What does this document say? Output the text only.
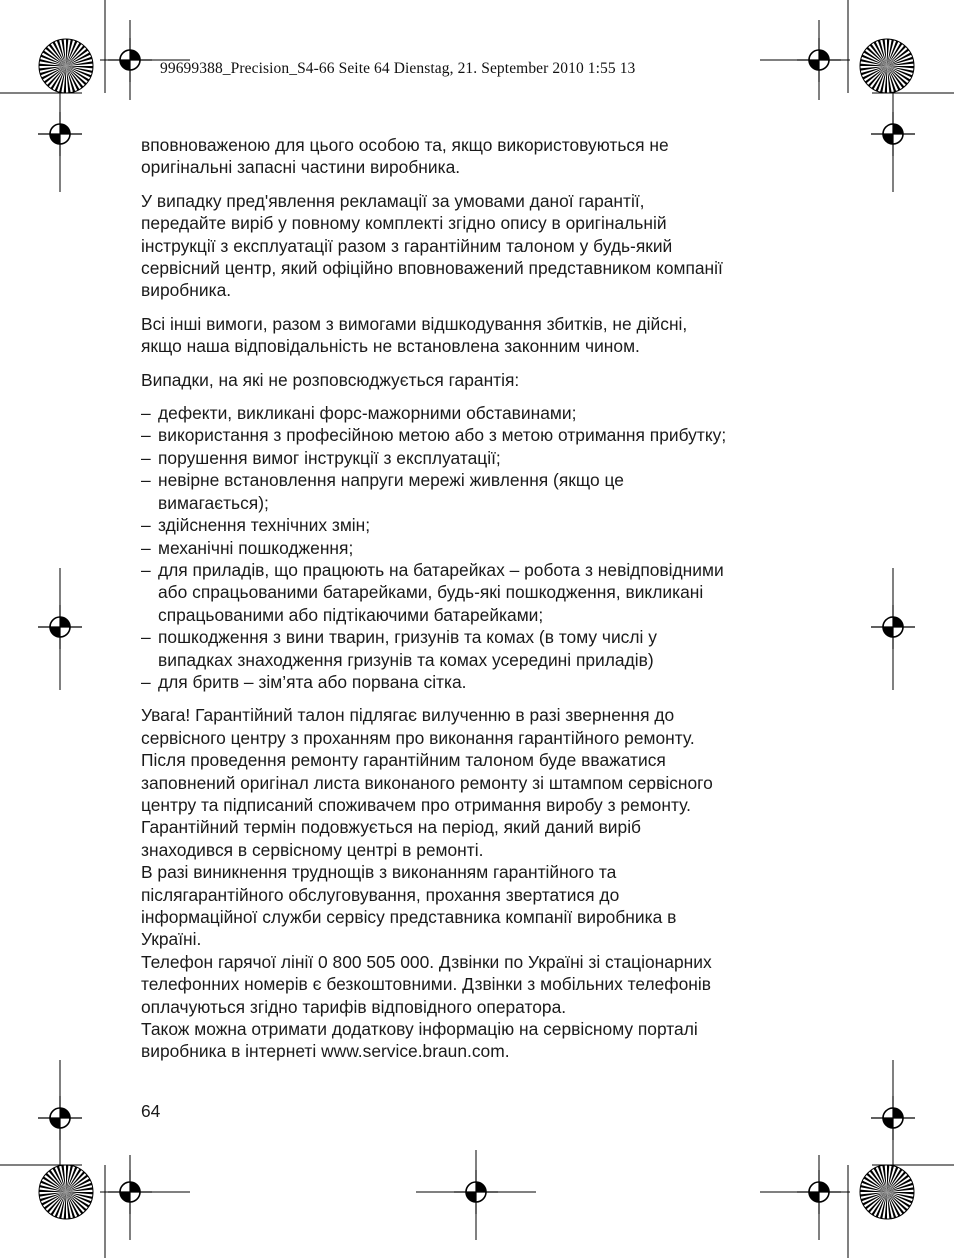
99699388_Precision_S4-66 Seite 64 Dienstag, 21. September 2010 1:55 13

вповноваженою для цього особою та, якщо використовуються не
оригінальні запасні частини виробника.

У випадку пред'явлення рекламації за умовами даної гарантії,
передайте виріб у повному комплекті згідно опису в оригінальній
інструкції з експлуатації разом з гарантійним талоном у будь-який
сервісний центр, який офіційно вповноважений представником компанії
виробника.

Всі інші вимоги, разом з вимогами відшкодування збитків, не дійсні,
якщо наша відповідальність не встановлена законним чином.

Випадки, на які не розповсюджується гарантія:

– дефекти, викликані форс-мажорними обставинами;
– використання з професійною метою або з метою отримання прибутку;
– порушення вимог інструкції з експлуатації;
– невірне встановлення напруги мережі живлення (якщо це
вимагається);
– здійснення технічних змін;
– механічні пошкодження;
– для приладів, що працюють на батарейках – робота з невідповідними
або спрацьованими батарейками, будь-які пошкодження, викликані
спрацьованими або підтікаючими батарейками;
– пошкодження з вини тварин, гризунів та комах (в тому числі у
випадках знаходження гризунів та комах усередині приладів)
– для бритв – зім’ята або порвана сітка.

Увага! Гарантійний талон підлягає вилученню в разі звернення до
сервісного центру з проханням про виконання гарантійного ремонту.
Після проведення ремонту гарантійним талоном буде вважатися
заповнений оригінал листа виконаного ремонту зі штампом сервісного
центру та підписаний споживачем про отримання виробу з ремонту.
Гарантійний термін подовжується на період, який даний виріб
знаходився в сервісному центрі в ремонті.
В разі виникнення труднощів з виконанням гарантійного та
післягарантійного обслуговування, прохання звертатися до
інформаційної служби сервісу представника компанії виробника в
Україні.
Телефон гарячої лінії 0 800 505 000. Дзвінки по Україні зі стаціонарних
телефонних номерів є безкоштовними. Дзвінки з мобільних телефонів
оплачуються згідно тарифів відповідного оператора.
Також можна отримати додаткову інформацію на сервісному порталі
виробника в інтернеті www.service.braun.com.

64
